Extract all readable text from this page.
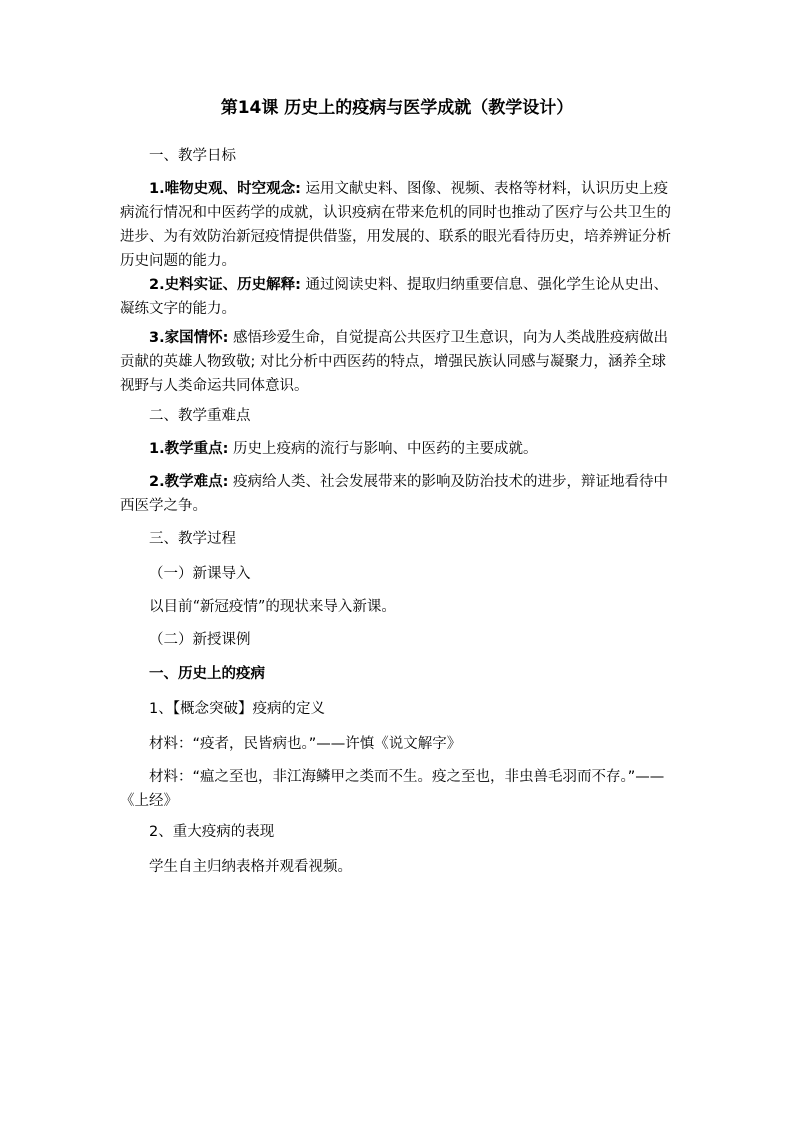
第14课 历史上的疫病与医学成就（教学设计）

一、教学日标

1.唯物史观、时空观念: 运用文献史料、图像、视频、表格等材料，认识历史上疫病流行情况和中医药学的成就，认识疫病在带来危机的同时也推动了医疗与公共卫生的进步、为有效防治新冠疫情提供借鉴，用发展的、联系的眼光看待历史，培养辨证分析历史问题的能力。

2.史料实证、历史解释: 通过阅读史料、提取归纳重要信息、强化学生论从史出、凝练文字的能力。

3.家国情怀: 感悟珍爱生命，自觉提高公共医疗卫生意识，向为人类战胜疫病做出贡献的英雄人物致敬; 对比分析中西医药的特点，增强民族认同感与凝聚力，涵养全球视野与人类命运共同体意识。

二、教学重难点

1.教学重点: 历史上疫病的流行与影响、中医药的主要成就。

2.教学难点: 疫病给人类、社会发展带来的影响及防治技术的进步，辩证地看待中西医学之争。

三、教学过程

（一）新课导入

以目前“新冠疫情”的现状来导入新课。

（二）新授课例

一、历史上的疫病

1、【概念突破】疫病的定义

材料：“疫者，民皆病也。”——许慎《说文解字》

材料：“瘟之至也，非江海鳞甲之类而不生。疫之至也，非虫兽毛羽而不存。”——《上经》

2、重大疫病的表现

学生自主归纳表格并观看视频。
